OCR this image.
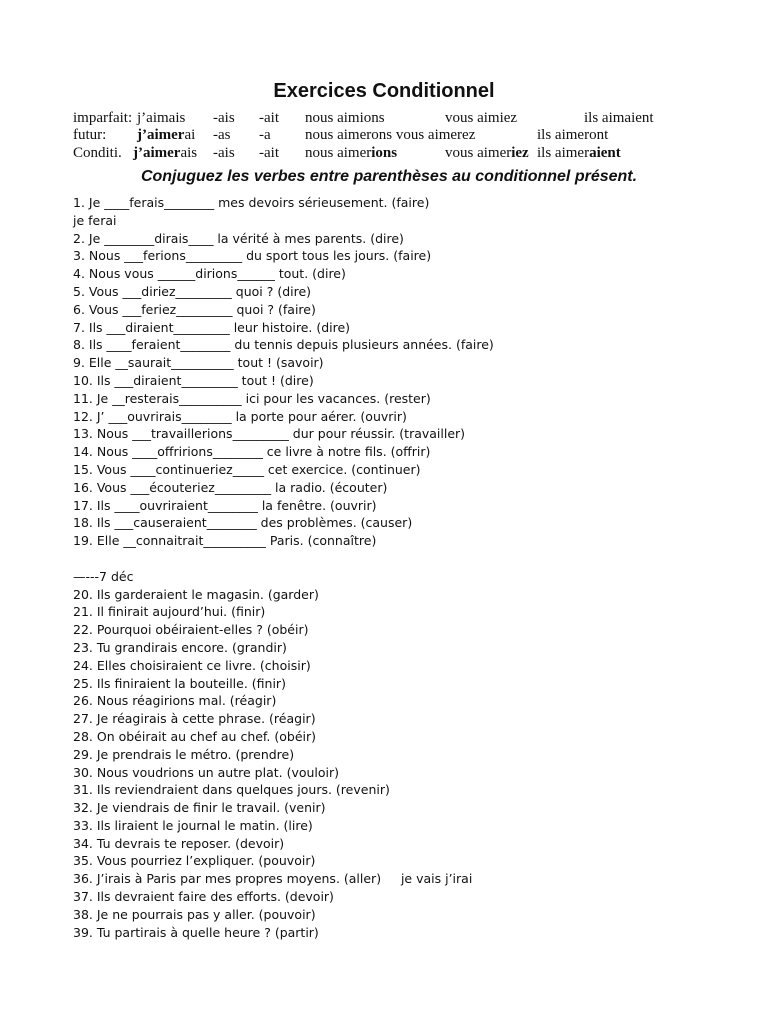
Exercices Conditionnel
imparfait: j’aimais -ais -ait nous aimions	vous aimiez	ils aimaient
futur: j’aimerai -as -a nous aimerons vous aimerez	ils aimeront
Conditi. j’aimerais -ais -ait nous aimerions	vous aimeriez ils aimeraient
Conjuguez les verbes entre parenthèses au conditionnel présent.
1. Je ____ferais________ mes devoirs sérieusement. (faire)
je ferai
2. Je ________dirais____ la vérité à mes parents. (dire)
3. Nous ___ferions_________ du sport tous les jours. (faire)
4. Nous vous ______dirions______ tout. (dire)
5. Vous ___diriez_________ quoi ? (dire)
6. Vous ___feriez_________ quoi ? (faire)
7. Ils ___diraient_________ leur histoire. (dire)
8. Ils ____feraient________ du tennis depuis plusieurs années. (faire)
9. Elle __saurait__________ tout ! (savoir)
10. Ils ___diraient_________ tout ! (dire)
11. Je __resterais__________ ici pour les vacances. (rester)
12. J’ ___ouvrirais________ la porte pour aérer. (ouvrir)
13. Nous ___travaillerions_________ dur pour réussir. (travailler)
14. Nous ____offririons________ ce livre à notre fils. (offrir)
15. Vous ____continueriez_____ cet exercice. (continuer)
16. Vous ___écouteriez_________ la radio. (écouter)
17. Ils ____ouvriraient________ la fenêtre. (ouvrir)
18. Ils ___causeraient________ des problèmes. (causer)
19. Elle __connaitrait__________ Paris. (connaître)
—---7 déc
20. Ils garderaient le magasin. (garder)
21. Il finirait aujourd’hui. (finir)
22. Pourquoi obéiraient-elles ? (obéir)
23. Tu grandirais encore. (grandir)
24. Elles choisiraient ce livre. (choisir)
25. Ils finiraient la bouteille. (finir)
26. Nous réagirions mal. (réagir)
27. Je réagirais à cette phrase. (réagir)
28. On obéirait au chef au chef. (obéir)
29. Je prendrais le métro. (prendre)
30. Nous voudrions un autre plat. (vouloir)
31. Ils reviendraient dans quelques jours. (revenir)
32. Je viendrais de finir le travail. (venir)
33. Ils liraient le journal le matin. (lire)
34. Tu devrais te reposer. (devoir)
35. Vous pourriez l’expliquer. (pouvoir)
36. J’irais à Paris par mes propres moyens. (aller)     je vais j’irai
37. Ils devraient faire des efforts. (devoir)
38. Je ne pourrais pas y aller. (pouvoir)
39. Tu partirais à quelle heure ? (partir)
